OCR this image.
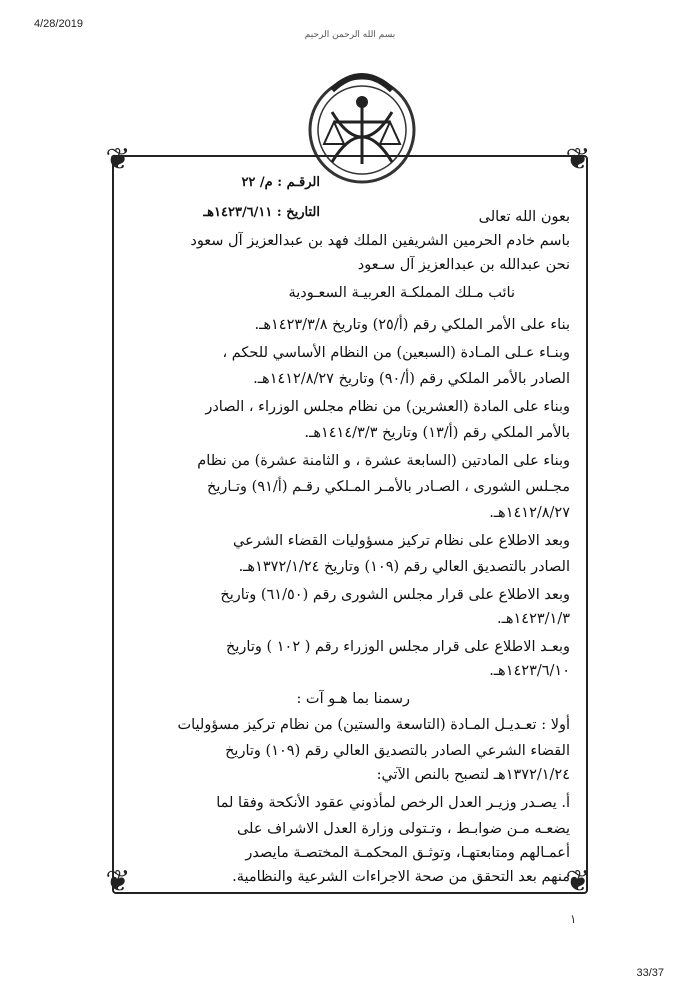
4/28/2019
33/37
بسم الله الرحمن الرحيم
❦	❦
❦	❦
الرقـم : م/ ٢٢
التاريخ : ١٤٢٣/٦/١١هـ	بعون الله تعالى
باسم خادم الحرمين الشريفين الملك فهد بن عبدالعزيز آل سعود
نحن عبدالله بن عبدالعزيز آل سـعود
نائب مـلك المملكـة العربيـة السعـودية
بناء على الأمر الملكي رقم (أ/٢٥) وتاريخ ١٤٢٣/٣/٨هـ.
وبنـاء عـلى المـادة (السبعين) من النظام الأساسي للحكم ،
الصادر بالأمر الملكي رقم (أ/٩٠) وتاريخ ١٤١٢/٨/٢٧هـ.
وبناء على المادة (العشرين) من نظام مجلس الوزراء ، الصادر
بالأمر الملكي رقم (أ/١٣) وتاريخ ١٤١٤/٣/٣هـ.
وبناء على المادتين (السابعة عشرة ، و الثامنة عشرة) من نظام
مجـلس الشورى ، الصـادر بالأمـر المـلكي رقـم (أ/٩١) وتـاريخ
١٤١٢/٨/٢٧هـ.
وبعد الاطلاع على نظام تركيز مسؤوليات القضاء الشرعي
الصادر بالتصديق العالي رقم (١٠٩) وتاريخ ١٣٧٢/١/٢٤هـ.
وبعد الاطلاع على قرار مجلس الشورى رقم (٦١/٥٠) وتاريخ
١٤٢٣/١/٣هـ.
وبعـد الاطلاع على قرار مجلس الوزراء رقم ( ١٠٢ ) وتاريخ
١٤٢٣/٦/١٠هـ.
رسمنا بما هـو آت :
أولا : تعـديـل المـادة (التاسعة والستين) من نظام تركيز مسؤوليات
القضاء الشرعي الصادر بالتصديق العالي رقم (١٠٩) وتاريخ
١٣٧٢/١/٢٤هـ لتصبح بالنص الآتي:
أ. يصـدر وزيـر العدل الرخص لمأذوني عقود الأنكحة وفقا لما
يضعـه مـن ضوابـط ، وتـتولى وزارة العدل الاشراف على
أعمـالهم ومتابعتهـا، وتوثـق المحكمـة المختصـة مايصدر
منهم بعد التحقق من صحة الاجراءات الشرعية والنظامية.
١
